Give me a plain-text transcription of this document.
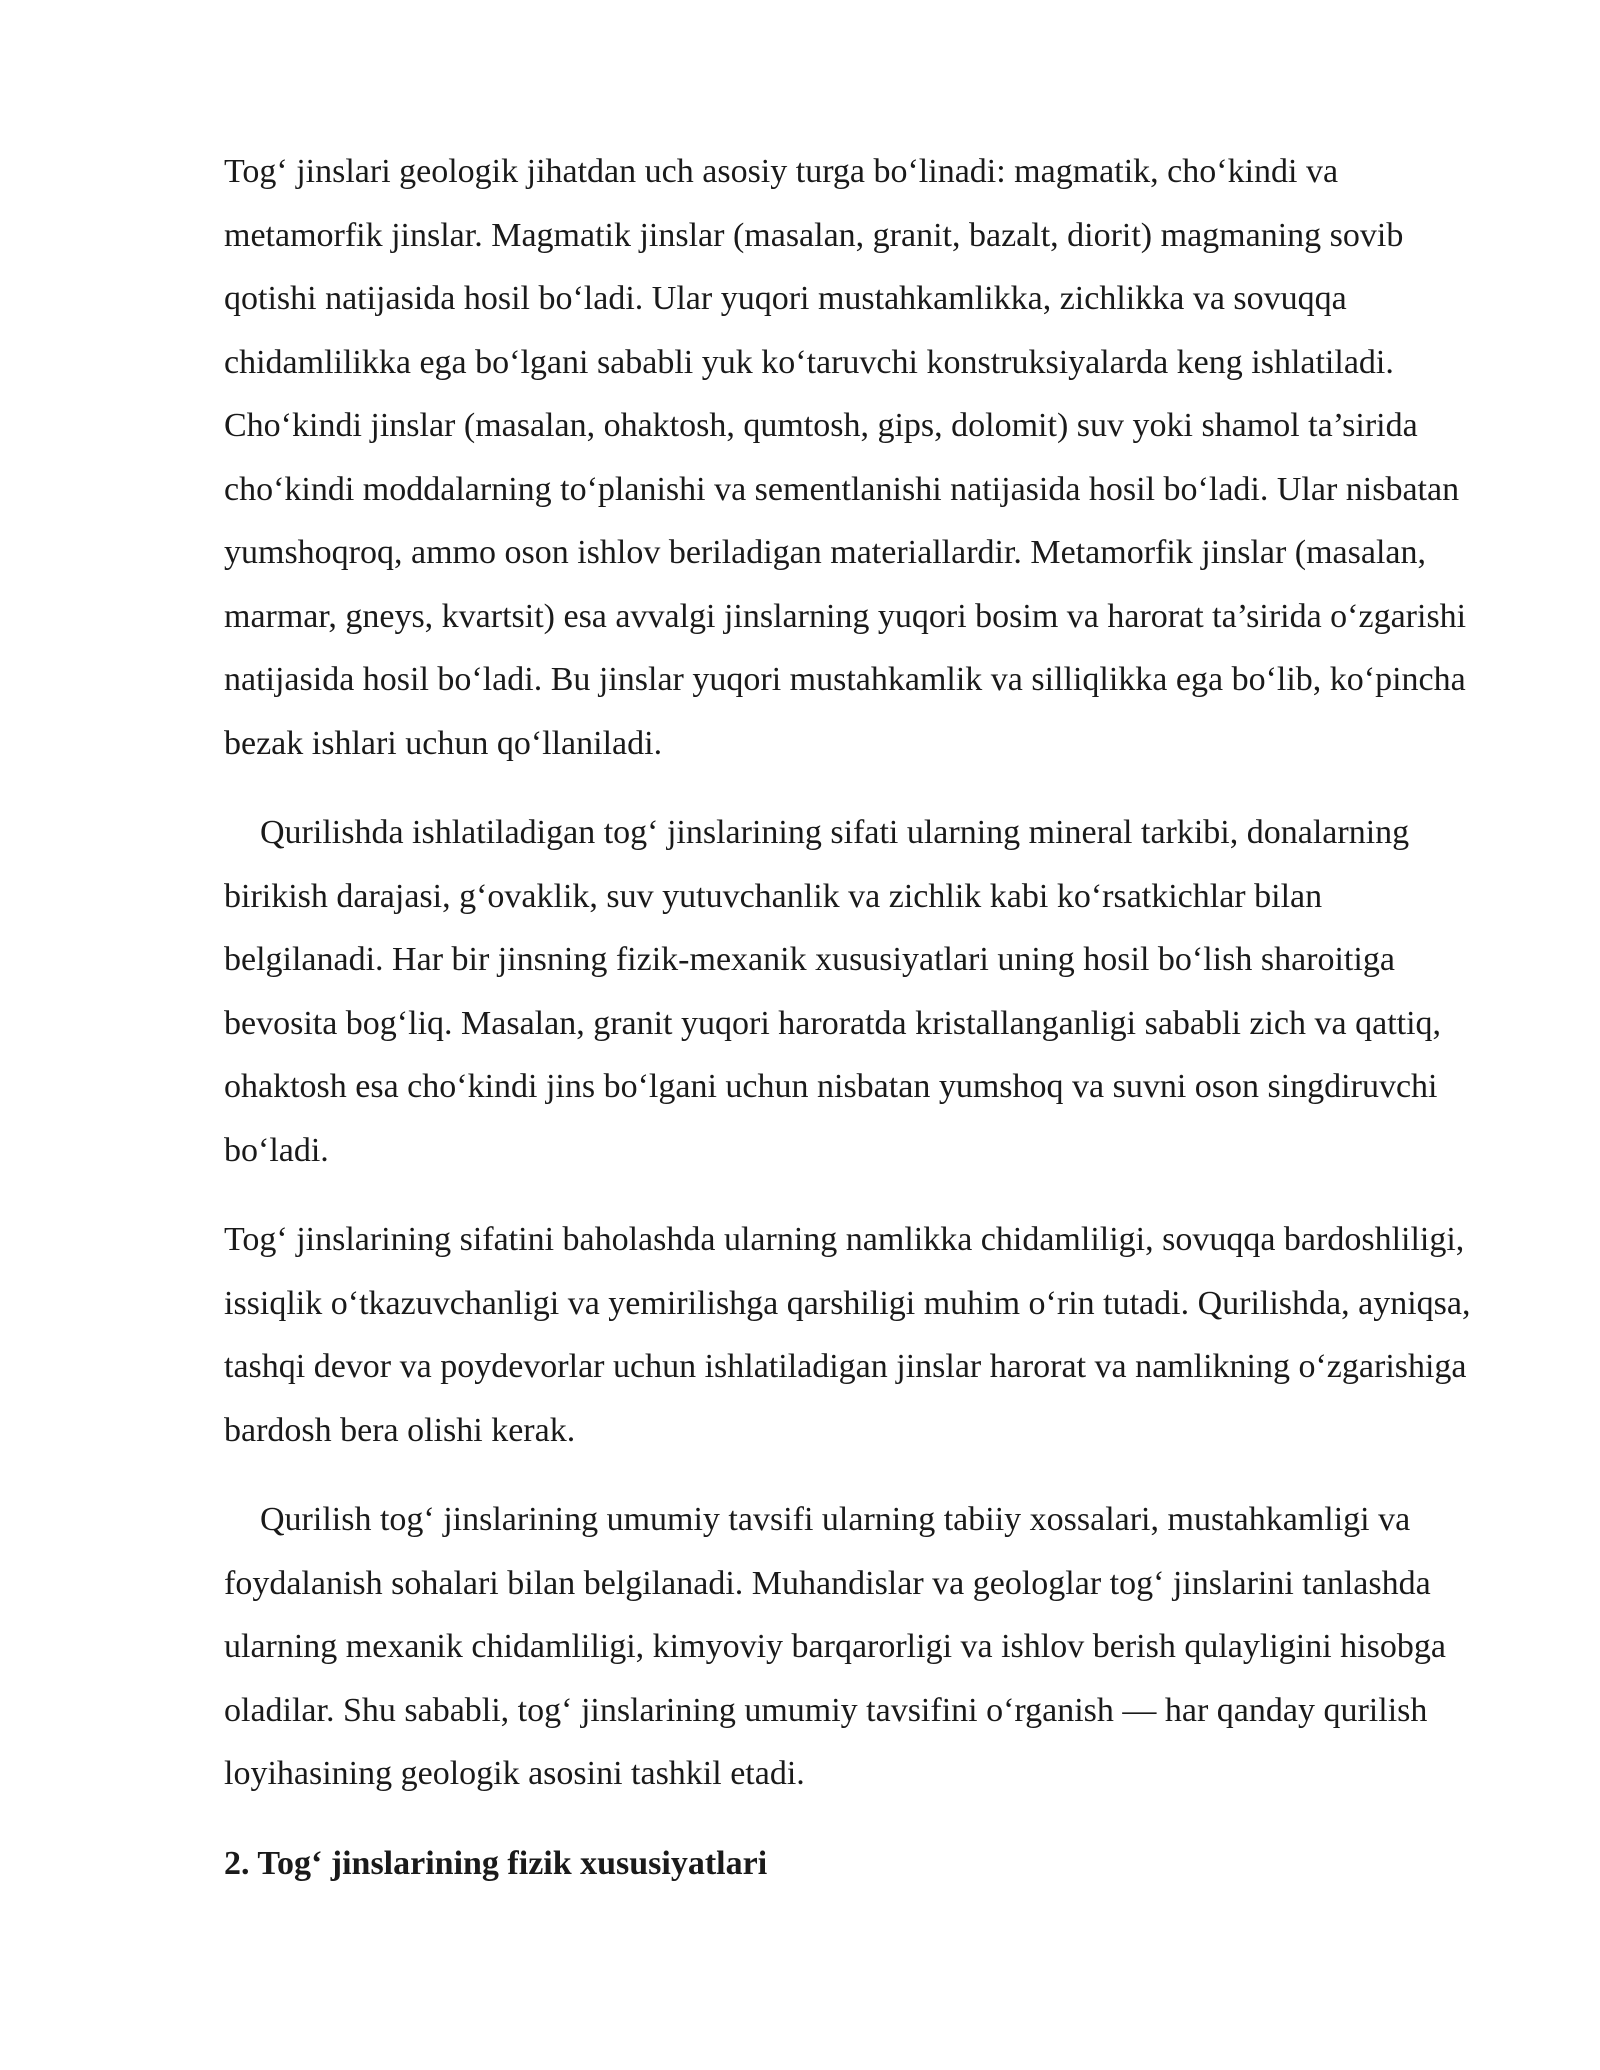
Tog‘ jinslari geologik jihatdan uch asosiy turga bo‘linadi: magmatik, cho‘kindi va metamorfik jinslar. Magmatik jinslar (masalan, granit, bazalt, diorit) magmaning sovib qotishi natijasida hosil bo‘ladi. Ular yuqori mustahkamlikka, zichlikka va sovuqqa chidamlilikka ega bo‘lgani sababli yuk ko‘taruvchi konstruksiyalarda keng ishlatiladi. Cho‘kindi jinslar (masalan, ohaktosh, qumtosh, gips, dolomit) suv yoki shamol ta’sirida cho‘kindi moddalarning to‘planishi va sementlanishi natijasida hosil bo‘ladi. Ular nisbatan yumshoqroq, ammo oson ishlov beriladigan materiallardir. Metamorfik jinslar (masalan, marmar, gneys, kvartsit) esa avvalgi jinslarning yuqori bosim va harorat ta’sirida o‘zgarishi natijasida hosil bo‘ladi. Bu jinslar yuqori mustahkamlik va silliqlikka ega bo‘lib, ko‘pincha bezak ishlari uchun qo‘llaniladi.

Qurilishda ishlatiladigan tog‘ jinslarining sifati ularning mineral tarkibi, donalarning birikish darajasi, g‘ovaklik, suv yutuvchanlik va zichlik kabi ko‘rsatkichlar bilan belgilanadi. Har bir jinsning fizik-mexanik xususiyatlari uning hosil bo‘lish sharoitiga bevosita bog‘liq. Masalan, granit yuqori haroratda kristallanganligi sababli zich va qattiq, ohaktosh esa cho‘kindi jins bo‘lgani uchun nisbatan yumshoq va suvni oson singdiruvchi bo‘ladi.

Tog‘ jinslarining sifatini baholashda ularning namlikka chidamliligi, sovuqqa bardoshliligi, issiqlik o‘tkazuvchanligi va yemirilishga qarshiligi muhim o‘rin tutadi. Qurilishda, ayniqsa, tashqi devor va poydevorlar uchun ishlatiladigan jinslar harorat va namlikning o‘zgarishiga bardosh bera olishi kerak.

Qurilish tog‘ jinslarining umumiy tavsifi ularning tabiiy xossalari, mustahkamligi va foydalanish sohalari bilan belgilanadi. Muhandislar va geologlar tog‘ jinslarini tanlashda ularning mexanik chidamliligi, kimyoviy barqarorligi va ishlov berish qulayligini hisobga oladilar. Shu sababli, tog‘ jinslarining umumiy tavsifini o‘rganish — har qanday qurilish loyihasining geologik asosini tashkil etadi.

2. Tog‘ jinslarining fizik xususiyatlari
